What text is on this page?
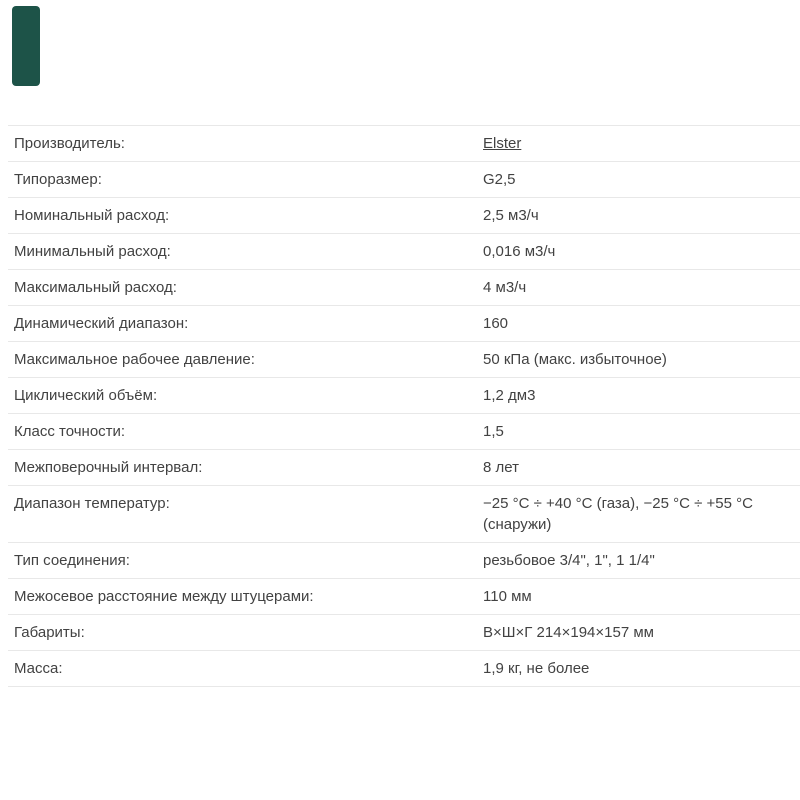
Производитель:	Elster
Типоразмер:	G2,5
Номинальный расход:	2,5 м3/ч
Минимальный расход:	0,016 м3/ч
Максимальный расход:	4 м3/ч
Динамический диапазон:	160
Максимальное рабочее давление:	50 кПа (макс. избыточное)
Циклический объём:	1,2 дм3
Класс точности:	1,5
Межповерочный интервал:	8 лет
Диапазон температур:	−25 °C ÷ +40 °C (газа), −25 °C ÷ +55 °C (снаружи)
Тип соединения:	резьбовое 3/4", 1", 1 1/4"
Межосевое расстояние между штуцерами:	110 мм
Габариты:	В×Ш×Г 214×194×157 мм
Масса:	1,9 кг, не более
